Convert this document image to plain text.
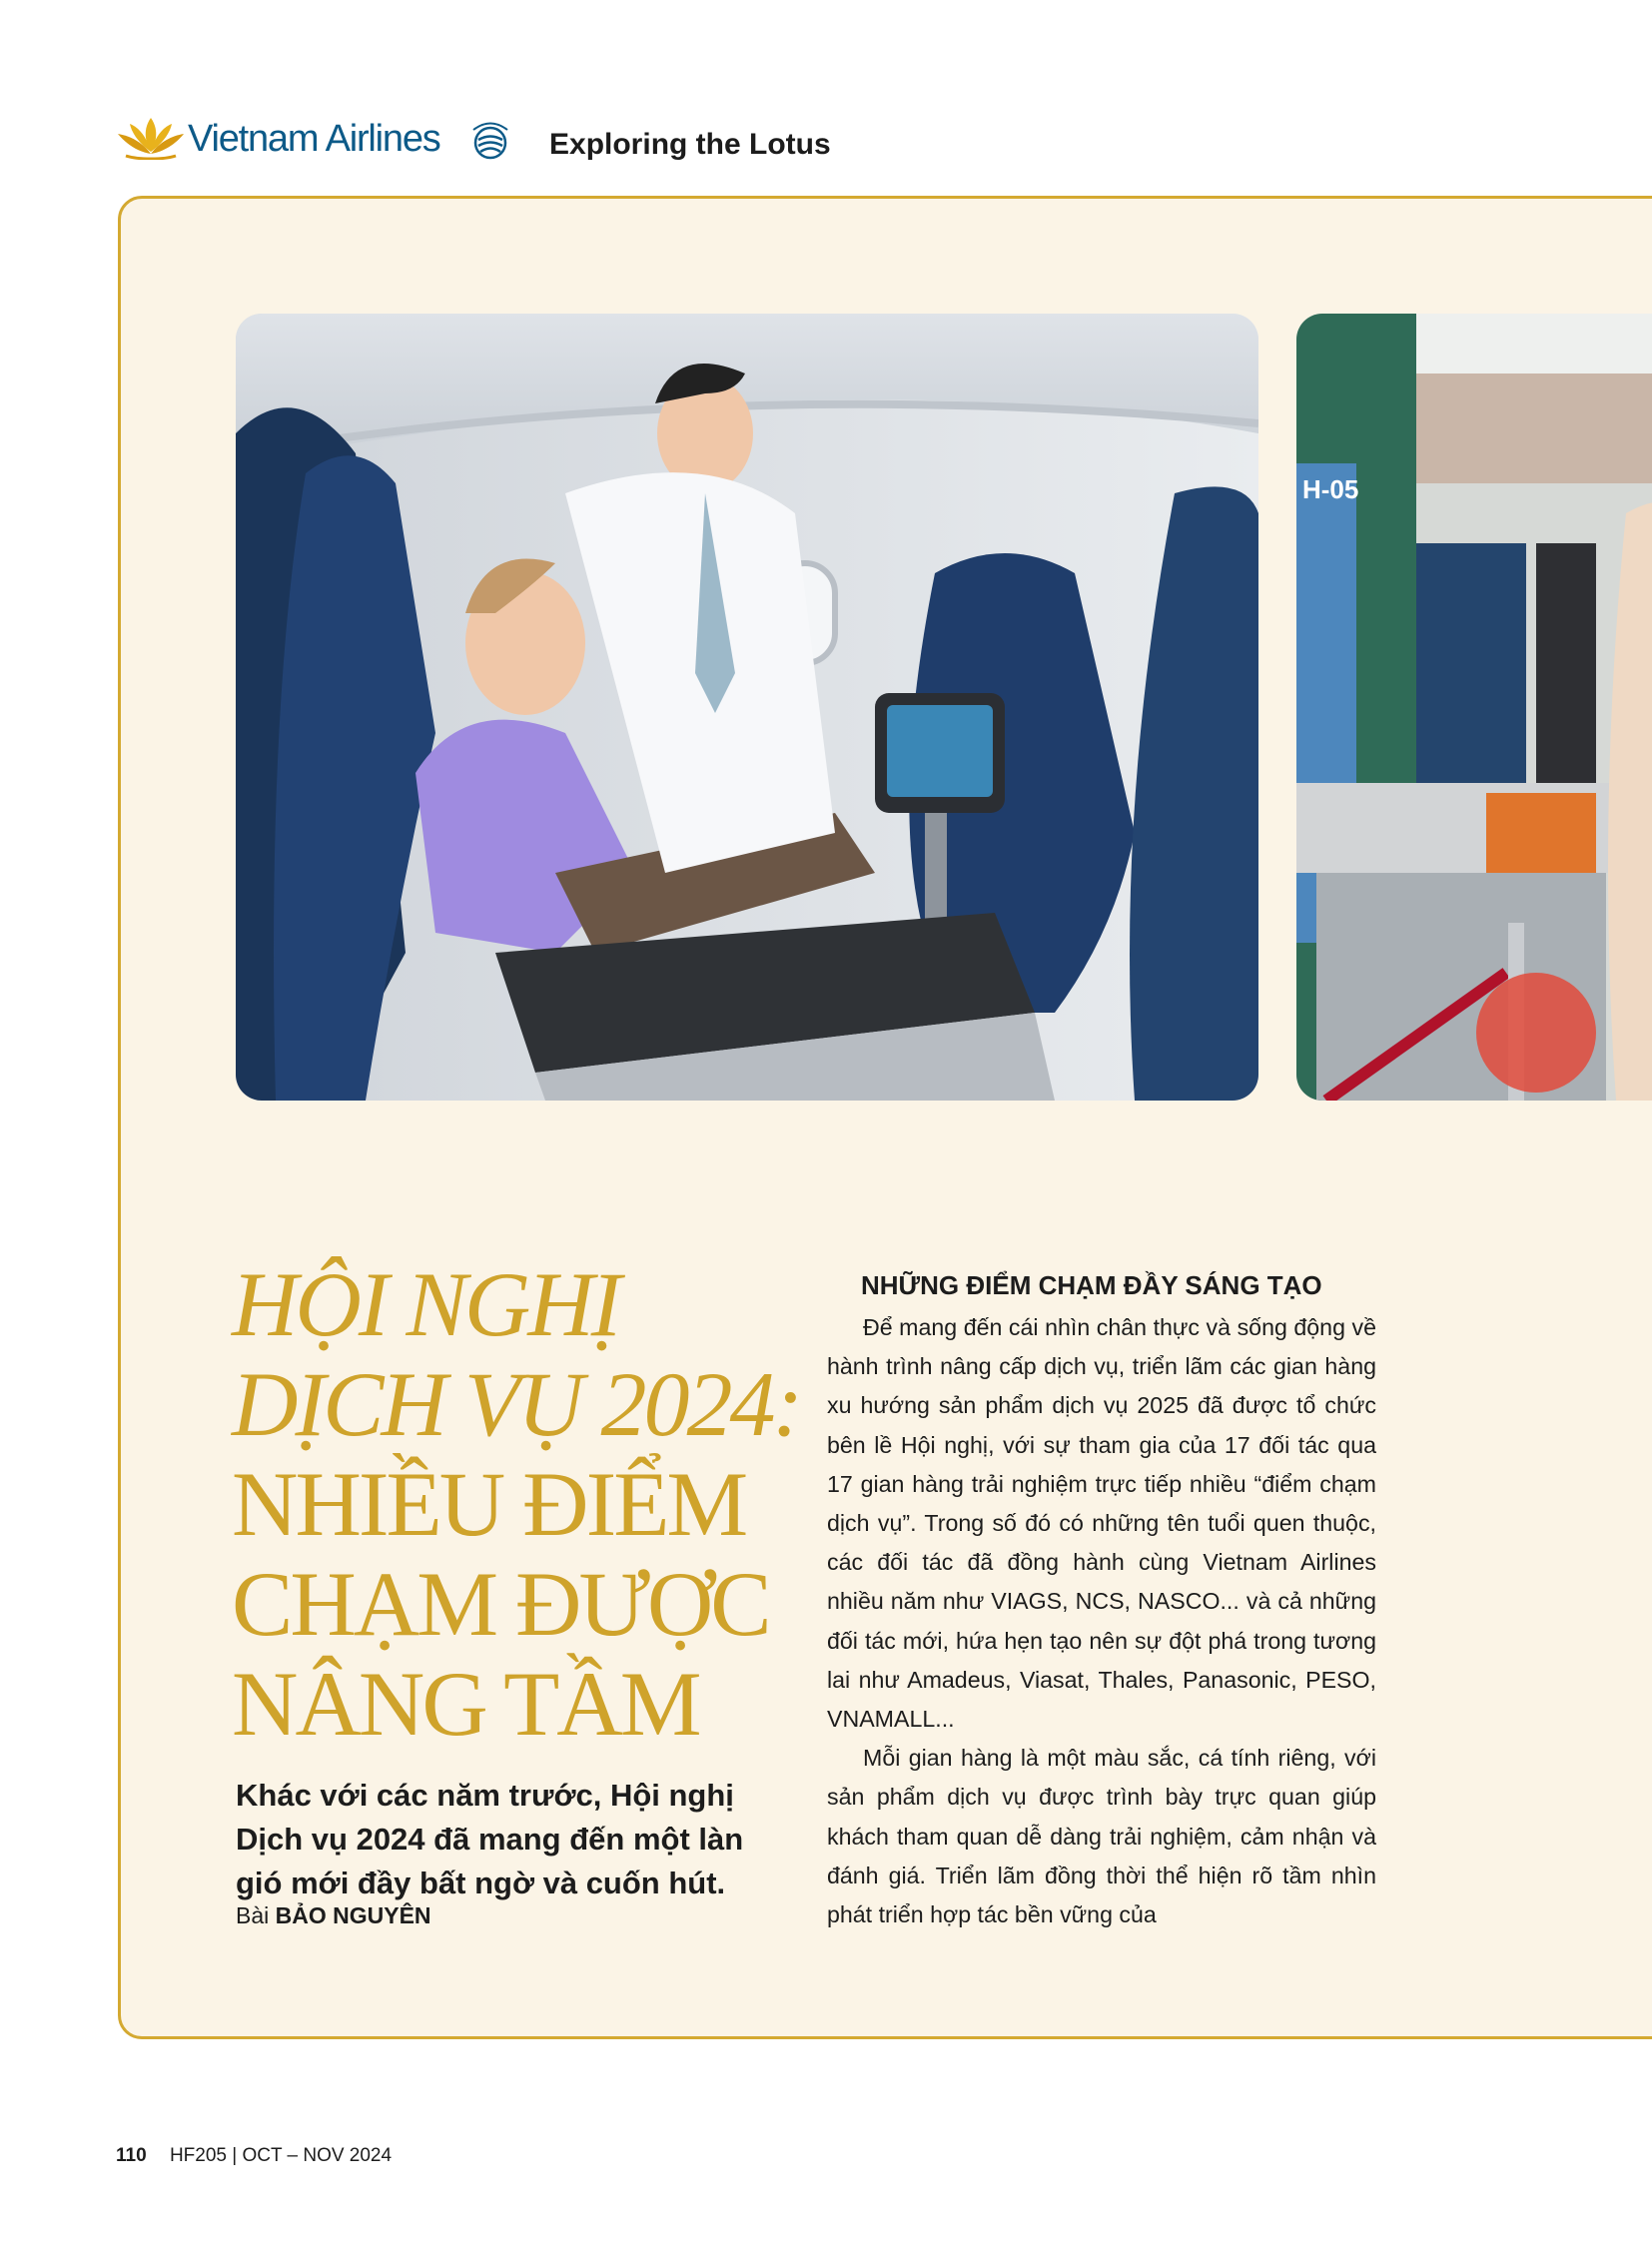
Vietnam Airlines	Exploring the Lotus
H-05
HỘI NGHỊ
DỊCH VỤ 2024:
NHIỀU ĐIỂM
CHẠM ĐƯỢC
NÂNG TẦM

Khác với các năm trước, Hội nghị Dịch vụ 2024 đã mang đến một làn gió mới đầy bất ngờ và cuốn hút.

Bài BẢO NGUYÊN
NHỮNG ĐIỂM CHẠM ĐẦY SÁNG TẠO

Để mang đến cái nhìn chân thực và sống động về hành trình nâng cấp dịch vụ, triển lãm các gian hàng xu hướng sản phẩm dịch vụ 2025 đã được tổ chức bên lề Hội nghị, với sự tham gia của 17 đối tác qua 17 gian hàng trải nghiệm trực tiếp nhiều “điểm chạm dịch vụ”. Trong số đó có những tên tuổi quen thuộc, các đối tác đã đồng hành cùng Vietnam Airlines nhiều năm như VIAGS, NCS, NASCO... và cả những đối tác mới, hứa hẹn tạo nên sự đột phá trong tương lai như Amadeus, Viasat, Thales, Panasonic, PESO, VNAMALL...

Mỗi gian hàng là một màu sắc, cá tính riêng, với sản phẩm dịch vụ được trình bày trực quan giúp khách tham quan dễ dàng trải nghiệm, cảm nhận và đánh giá. Triển lãm đồng thời thể hiện rõ tầm nhìn phát triển hợp tác bền vững của

110 HF205 | OCT – NOV 2024
